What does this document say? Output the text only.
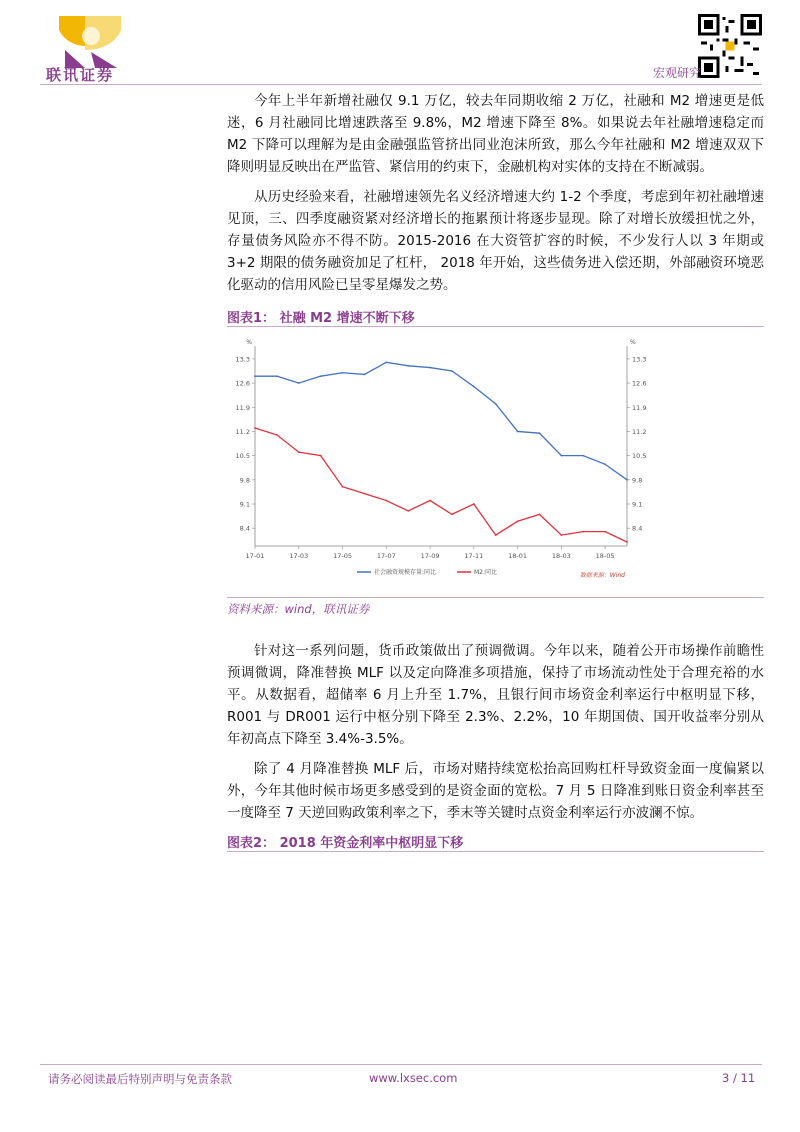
联讯证券	宏观研究
今年上半年新增社融仅 9.1 万亿，较去年同期收缩 2 万亿，社融和 M2 增速更是低迷，6 月社融同比增速跌落至 9.8%，M2 增速下降至 8%。如果说去年社融增速稳定而 M2 下降可以理解为是由金融强监管挤出同业泡沫所致，那么今年社融和 M2 增速双双下降则明显反映出在严监管、紧信用的约束下，金融机构对实体的支持在不断减弱。
从历史经验来看，社融增速领先名义经济增速大约 1-2 个季度，考虑到年初社融增速见顶，三、四季度融资紧对经济增长的拖累预计将逐步显现。除了对增长放缓担忧之外，存量债务风险亦不得不防。2015-2016 在大资管扩容的时候，不少发行人以 3 年期或 3+2 期限的债务融资加足了杠杆， 2018 年开始，这些债务进入偿还期，外部融资环境恶化驱动的信用风险已呈零星爆发之势。
图表1： 社融 M2 增速不断下移
%	%
8.4	8.4
9.1	9.1
9.8	9.8
10.5	10.5
11.2	11.2
11.9	11.9
12.6	12.6
13.3	13.3
17-01	17-03	17-05	17-07	17-09	17-11	18-01	18-03	18-05
社会融资规模存量:同比	M2:同比	数据来源：Wind
资料来源：wind，联讯证券
针对这一系列问题，货币政策做出了预调微调。今年以来，随着公开市场操作前瞻性预调微调，降准替换 MLF 以及定向降准多项措施，保持了市场流动性处于合理充裕的水平。从数据看，超储率 6 月上升至 1.7%，且银行间市场资金利率运行中枢明显下移，R001 与 DR001 运行中枢分别下降至 2.3%、2.2%，10 年期国债、国开收益率分别从年初高点下降至 3.4%-3.5%。
除了 4 月降准替换 MLF 后，市场对赌持续宽松抬高回购杠杆导致资金面一度偏紧以外，今年其他时候市场更多感受到的是资金面的宽松。7 月 5 日降准到账日资金利率甚至一度降至 7 天逆回购政策利率之下，季末等关键时点资金利率运行亦波澜不惊。
图表2： 2018 年资金利率中枢明显下移
请务必阅读最后特别声明与免责条款	www.lxsec.com	3 / 11
